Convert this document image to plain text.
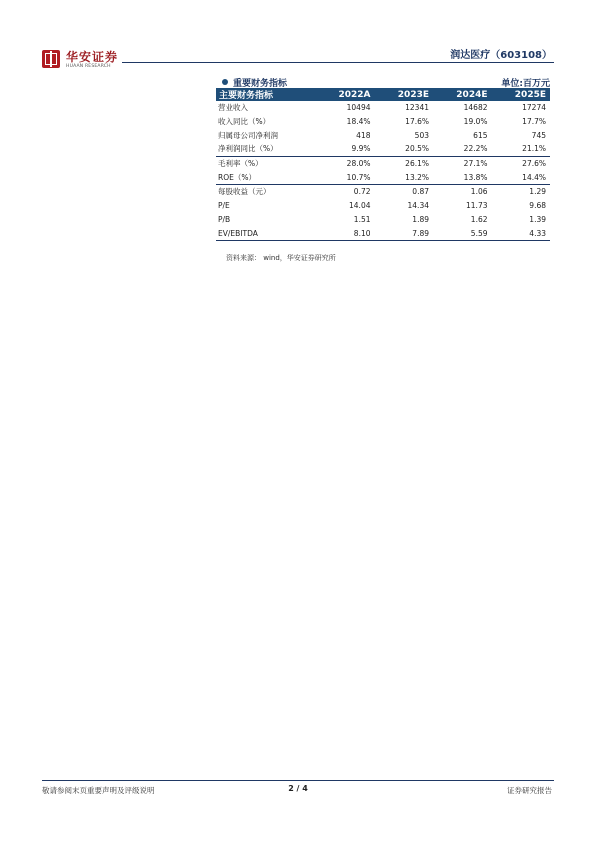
华安证券
HUAAN RESEARCH
润达医疗（603108）
重要财务指标	单位:百万元
主要财务指标	2022A	2023E	2024E	2025E
营业收入	10494	12341	14682	17274
收入同比（%）	18.4%	17.6%	19.0%	17.7%
归属母公司净利润	418	503	615	745
净利润同比（%）	9.9%	20.5%	22.2%	21.1%
毛利率（%）	28.0%	26.1%	27.1%	27.6%
ROE（%）	10.7%	13.2%	13.8%	14.4%
每股收益（元）	0.72	0.87	1.06	1.29
P/E	14.04	14.34	11.73	9.68
P/B	1.51	1.89	1.62	1.39
EV/EBITDA	8.10	7.89	5.59	4.33
资料来源： wind，华安证券研究所
敬请参阅末页重要声明及评级说明	2 / 4	证券研究报告
